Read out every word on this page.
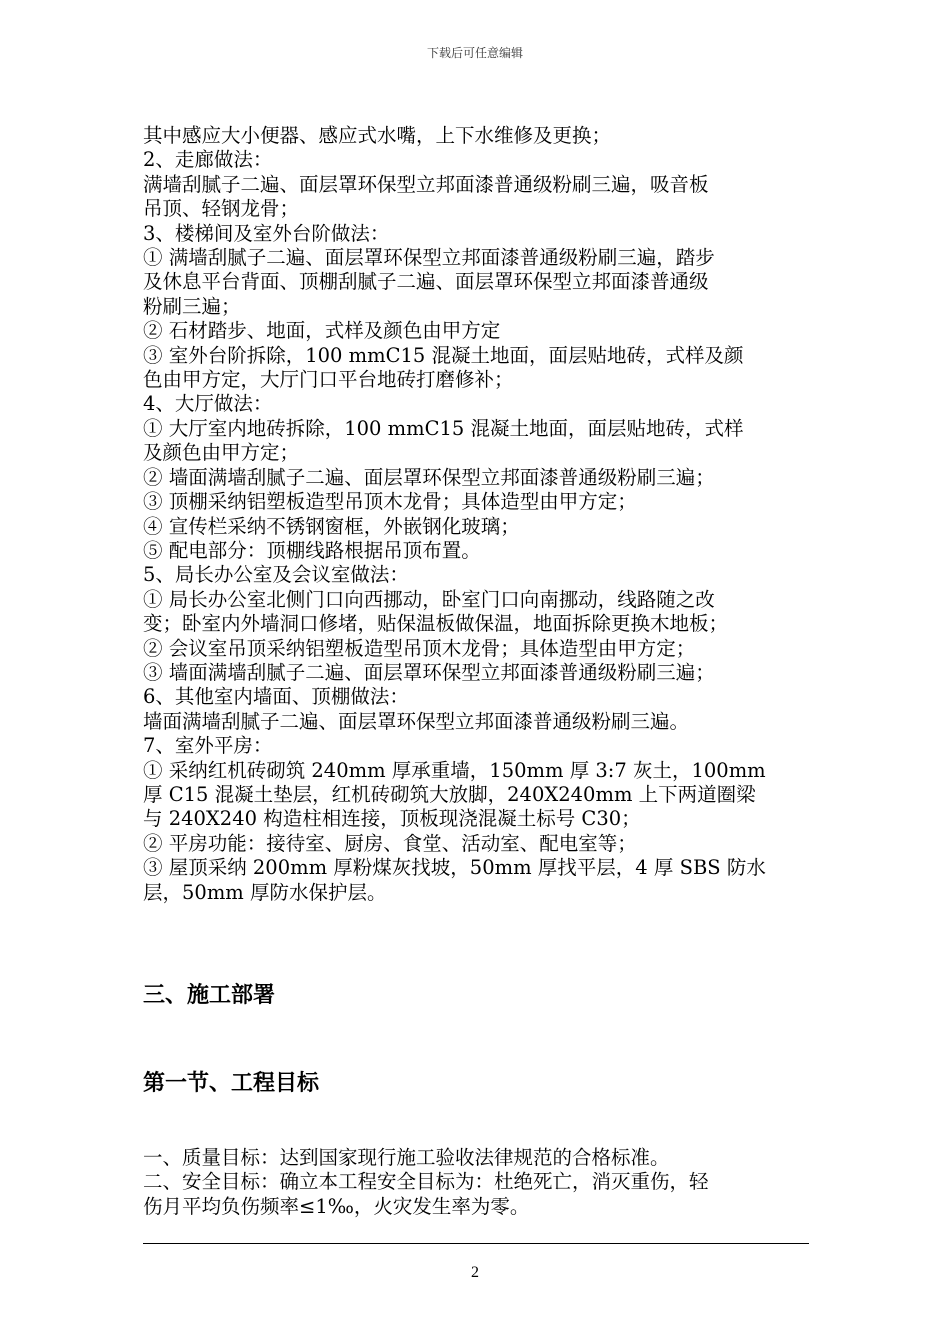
下载后可任意编辑
其中感应大小便器、感应式水嘴，上下水维修及更换；
2、走廊做法：
满墙刮腻子二遍、面层罩环保型立邦面漆普通级粉刷三遍，吸音板
吊顶、轻钢龙骨；
3、楼梯间及室外台阶做法：
① 满墙刮腻子二遍、面层罩环保型立邦面漆普通级粉刷三遍，踏步
及休息平台背面、顶棚刮腻子二遍、面层罩环保型立邦面漆普通级
粉刷三遍；
② 石材踏步、地面，式样及颜色由甲方定
③ 室外台阶拆除，100 mmC15 混凝土地面，面层贴地砖，式样及颜
色由甲方定，大厅门口平台地砖打磨修补；
4、大厅做法：
① 大厅室内地砖拆除，100 mmC15 混凝土地面，面层贴地砖，式样
及颜色由甲方定；
② 墙面满墙刮腻子二遍、面层罩环保型立邦面漆普通级粉刷三遍；
③ 顶棚采纳铝塑板造型吊顶木龙骨；具体造型由甲方定；
④ 宣传栏采纳不锈钢窗框，外嵌钢化玻璃；
⑤ 配电部分：顶棚线路根据吊顶布置。
5、局长办公室及会议室做法：
① 局长办公室北侧门口向西挪动，卧室门口向南挪动，线路随之改
变；卧室内外墙洞口修堵，贴保温板做保温，地面拆除更换木地板；
② 会议室吊顶采纳铝塑板造型吊顶木龙骨；具体造型由甲方定；
③ 墙面满墙刮腻子二遍、面层罩环保型立邦面漆普通级粉刷三遍；
6、其他室内墙面、顶棚做法：
墙面满墙刮腻子二遍、面层罩环保型立邦面漆普通级粉刷三遍。
7、室外平房：
① 采纳红机砖砌筑 240mm 厚承重墙，150mm 厚 3:7 灰土，100mm
厚 C15 混凝土垫层，红机砖砌筑大放脚，240X240mm 上下两道圈梁
与 240X240 构造柱相连接，顶板现浇混凝土标号 C30；
② 平房功能：接待室、厨房、食堂、活动室、配电室等；
③ 屋顶采纳 200mm 厚粉煤灰找坡，50mm 厚找平层，4 厚 SBS 防水
层，50mm 厚防水保护层。
三、施工部署
第一节、工程目标
一、质量目标：达到国家现行施工验收法律规范的合格标准。
二、安全目标：确立本工程安全目标为：杜绝死亡，消灭重伤，轻
伤月平均负伤频率≤1‰，火灾发生率为零。
2
